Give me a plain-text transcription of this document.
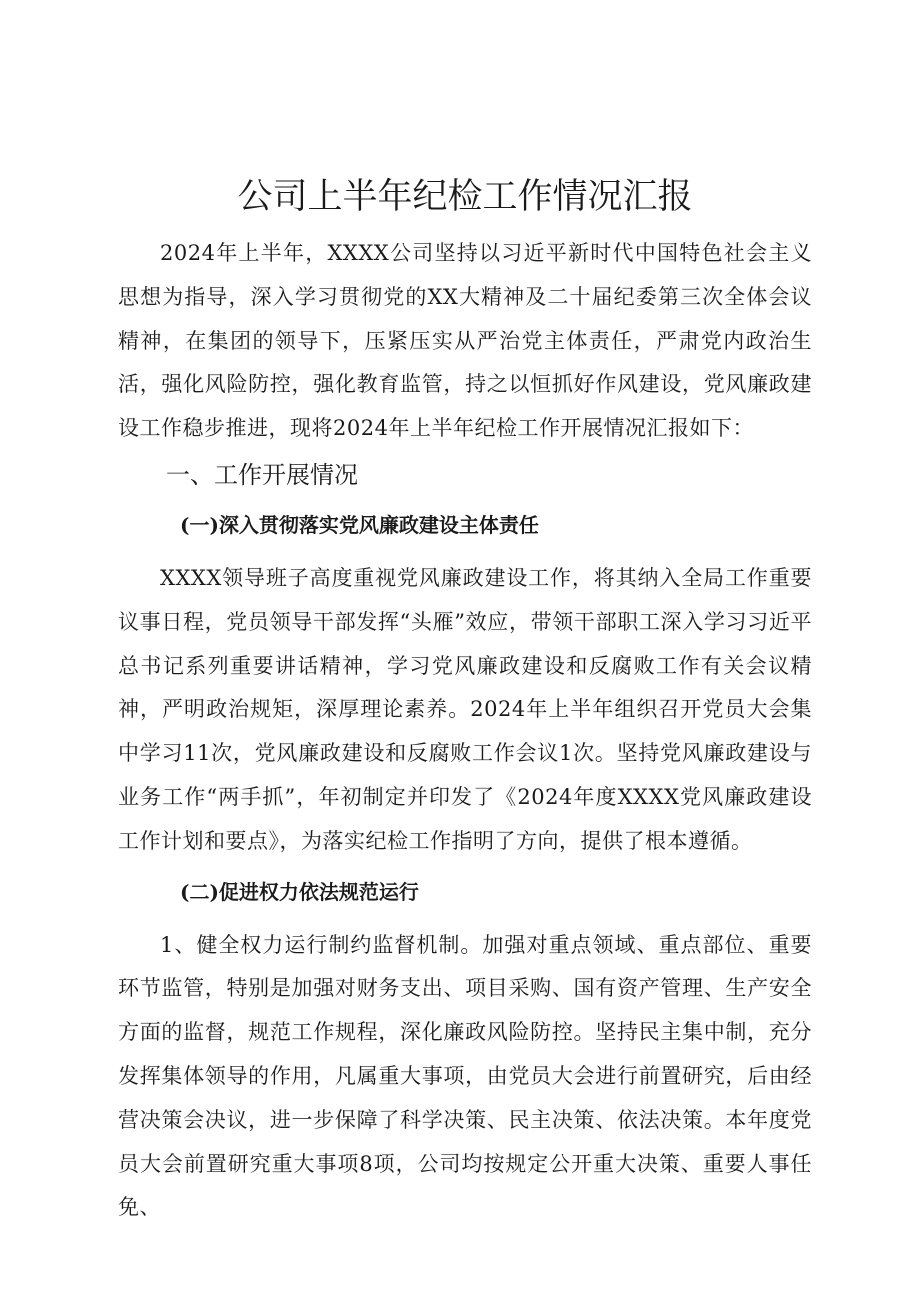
公司上半年纪检工作情况汇报

2024年上半年，XXXX公司坚持以习近平新时代中国特色社会主义思想为指导，深入学习贯彻党的XX大精神及二十届纪委第三次全体会议精神，在集团的领导下，压紧压实从严治党主体责任，严肃党内政治生活，强化风险防控，强化教育监管，持之以恒抓好作风建设，党风廉政建设工作稳步推进，现将2024年上半年纪检工作开展情况汇报如下：

一、工作开展情况
(一)深入贯彻落实党风廉政建设主体责任

XXXX领导班子高度重视党风廉政建设工作，将其纳入全局工作重要议事日程，党员领导干部发挥“头雁”效应，带领干部职工深入学习习近平总书记系列重要讲话精神，学习党风廉政建设和反腐败工作有关会议精神，严明政治规矩，深厚理论素养。2024年上半年组织召开党员大会集中学习11次，党风廉政建设和反腐败工作会议1次。坚持党风廉政建设与业务工作“两手抓”，年初制定并印发了《2024年度XXXX党风廉政建设工作计划和要点》，为落实纪检工作指明了方向，提供了根本遵循。

(二)促进权力依法规范运行

1、健全权力运行制约监督机制。加强对重点领域、重点部位、重要环节监管，特别是加强对财务支出、项目采购、国有资产管理、生产安全方面的监督，规范工作规程，深化廉政风险防控。坚持民主集中制，充分发挥集体领导的作用，凡属重大事项，由党员大会进行前置研究，后由经营决策会决议，进一步保障了科学决策、民主决策、依法决策。本年度党员大会前置研究重大事项8项，公司均按规定公开重大决策、重要人事任免、
